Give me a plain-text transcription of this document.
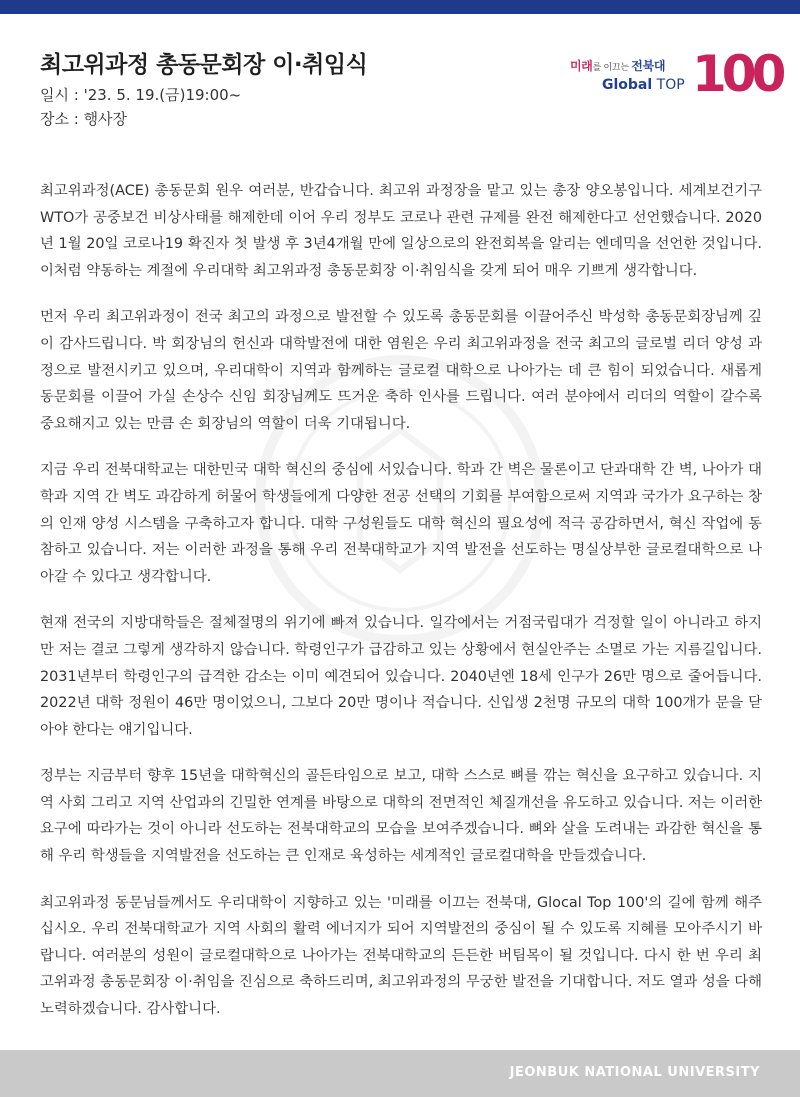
최고위과정 총동문회장 이·취임식
일시 : '23. 5. 19.(금)19:00~
장소 : 행사장
미래를 이끄는 전북대
Global TOP 100

최고위과정(ACE) 총동문회 원우 여러분, 반갑습니다. 최고위 과정장을 맡고 있는 총장 양오봉입니다. 세계보건기구 WTO가 공중보건 비상사태를 해제한데 이어 우리 정부도 코로나 관련 규제를 완전 해제한다고 선언했습니다. 2020년 1월 20일 코로나19 확진자 첫 발생 후 3년4개월 만에 일상으로의 완전회복을 알리는 엔데믹을 선언한 것입니다. 이처럼 약동하는 계절에 우리대학 최고위과정 총동문회장 이·취임식을 갖게 되어 매우 기쁘게 생각합니다.

먼저 우리 최고위과정이 전국 최고의 과정으로 발전할 수 있도록 총동문회를 이끌어주신 박성학 총동문회장님께 깊이 감사드립니다. 박 회장님의 헌신과 대학발전에 대한 염원은 우리 최고위과정을 전국 최고의 글로벌 리더 양성 과정으로 발전시키고 있으며, 우리대학이 지역과 함께하는 글로컬 대학으로 나아가는 데 큰 힘이 되었습니다. 새롭게 동문회를 이끌어 가실 손상수 신임 회장님께도 뜨거운 축하 인사를 드립니다. 여러 분야에서 리더의 역할이 갈수록 중요해지고 있는 만큼 손 회장님의 역할이 더욱 기대됩니다.

지금 우리 전북대학교는 대한민국 대학 혁신의 중심에 서있습니다. 학과 간 벽은 물론이고 단과대학 간 벽, 나아가 대학과 지역 간 벽도 과감하게 허물어 학생들에게 다양한 전공 선택의 기회를 부여함으로써 지역과 국가가 요구하는 창의 인재 양성 시스템을 구축하고자 합니다. 대학 구성원들도 대학 혁신의 필요성에 적극 공감하면서, 혁신 작업에 동참하고 있습니다. 저는 이러한 과정을 통해 우리 전북대학교가 지역 발전을 선도하는 명실상부한 글로컬대학으로 나아갈 수 있다고 생각합니다.

현재 전국의 지방대학들은 절체절명의 위기에 빠져 있습니다. 일각에서는 거점국립대가 걱정할 일이 아니라고 하지만 저는 결코 그렇게 생각하지 않습니다. 학령인구가 급감하고 있는 상황에서 현실안주는 소멸로 가는 지름길입니다. 2031년부터 학령인구의 급격한 감소는 이미 예견되어 있습니다. 2040년엔 18세 인구가 26만 명으로 줄어듭니다. 2022년 대학 정원이 46만 명이었으니, 그보다 20만 명이나 적습니다. 신입생 2천명 규모의 대학 100개가 문을 닫아야 한다는 얘기입니다.

정부는 지금부터 향후 15년을 대학혁신의 골든타임으로 보고, 대학 스스로 뼈를 깎는 혁신을 요구하고 있습니다. 지역 사회 그리고 지역 산업과의 긴밀한 연계를 바탕으로 대학의 전면적인 체질개선을 유도하고 있습니다. 저는 이러한 요구에 따라가는 것이 아니라 선도하는 전북대학교의 모습을 보여주겠습니다. 뼈와 살을 도려내는 과감한 혁신을 통해 우리 학생들을 지역발전을 선도하는 큰 인재로 육성하는 세계적인 글로컬대학을 만들겠습니다.

최고위과정 동문님들께서도 우리대학이 지향하고 있는 '미래를 이끄는 전북대, Glocal Top 100'의 길에 함께 해주십시오. 우리 전북대학교가 지역 사회의 활력 에너지가 되어 지역발전의 중심이 될 수 있도록 지혜를 모아주시기 바랍니다. 여러분의 성원이 글로컬대학으로 나아가는 전북대학교의 든든한 버팀목이 될 것입니다. 다시 한 번 우리 최고위과정 총동문회장 이·취임을 진심으로 축하드리며, 최고위과정의 무궁한 발전을 기대합니다. 저도 열과 성을 다해 노력하겠습니다. 감사합니다.

JEONBUK NATIONAL UNIVERSITY
